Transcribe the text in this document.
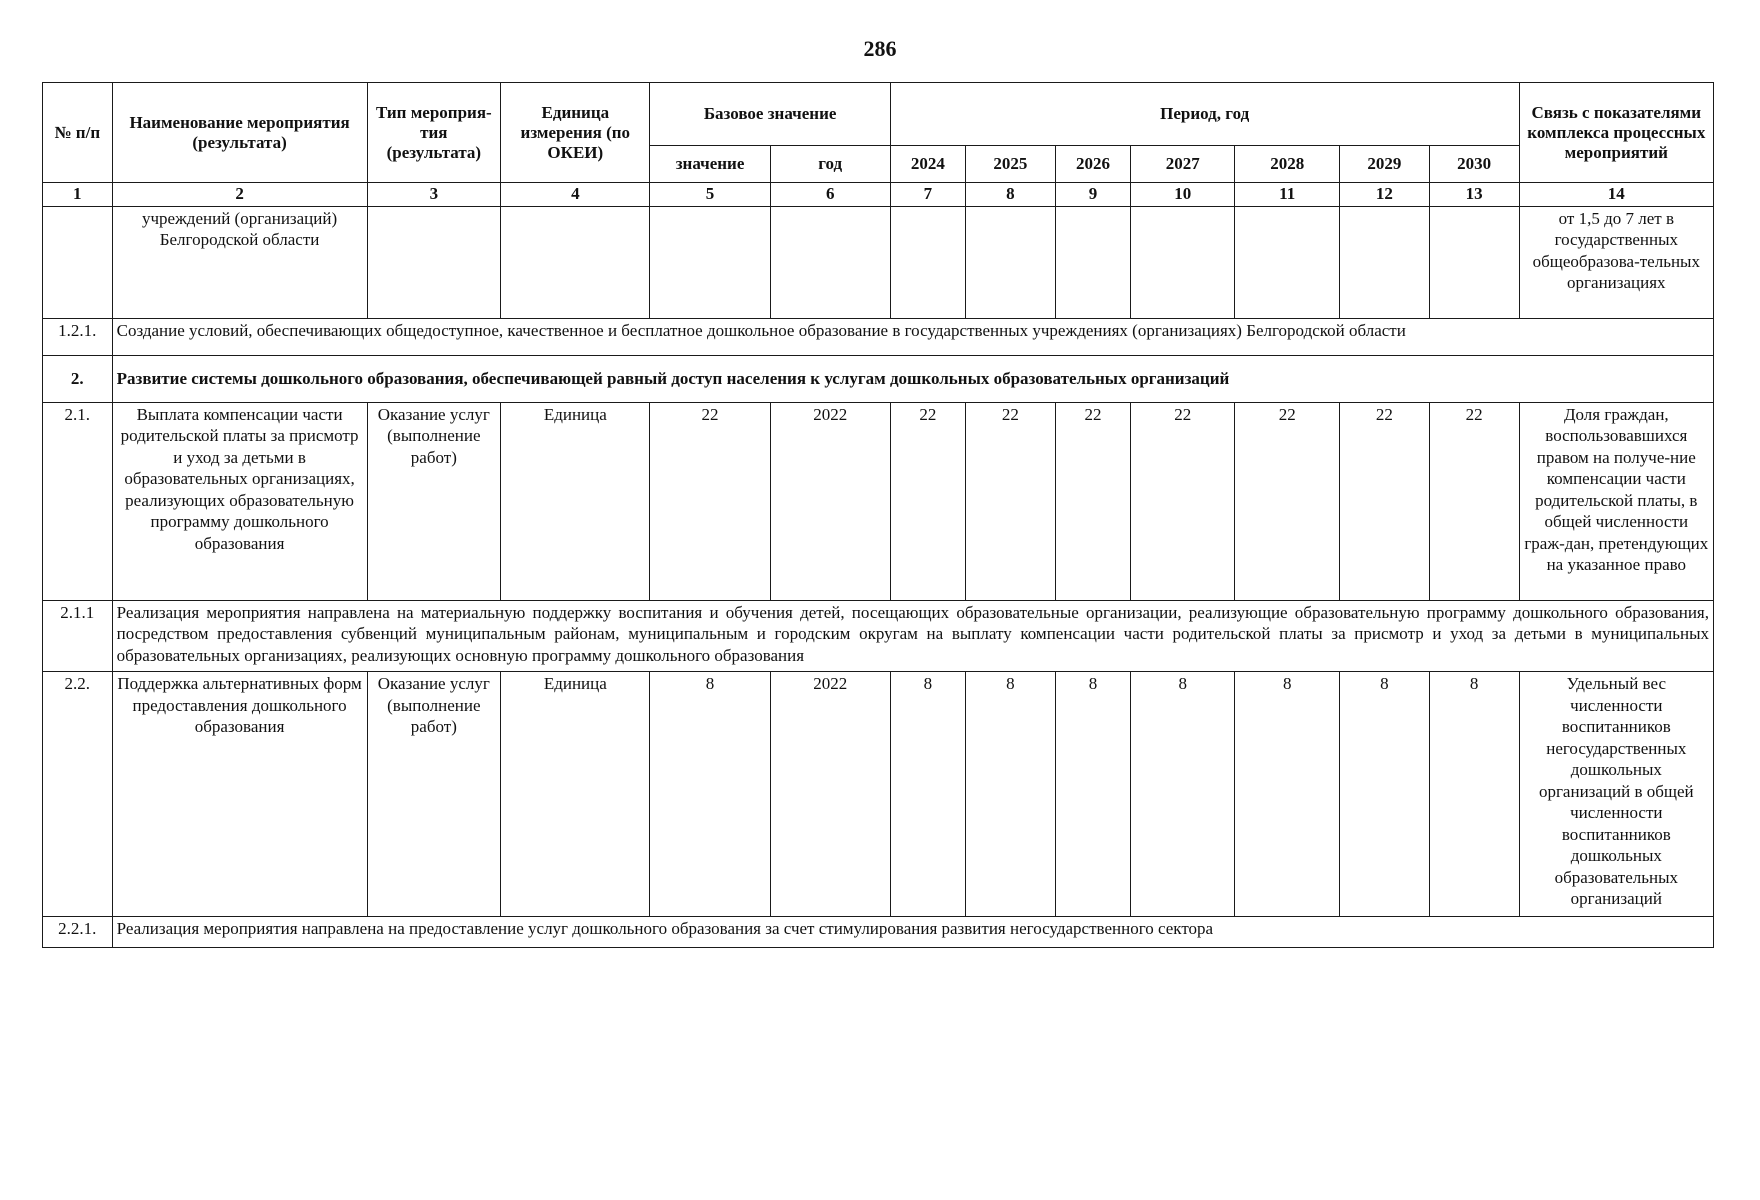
286
№ п/п	Наименование мероприятия (результата)	Тип мероприя-тия (результата)	Единица измерения (по ОКЕИ)	Базовое значение		Период, год							Связь с показателями комплекса процессных мероприятий
				значение	год	2024	2025	2026	2027	2028	2029	2030	
1	2	3	4	5	6	7	8	9	10	11	12	13	14
	учреждений (организаций) Белгородской области												от 1,5 до 7 лет в государственных общеобразова-тельных организациях
1.2.1.	Создание условий, обеспечивающих общедоступное, качественное и бесплатное дошкольное образование в государственных учреждениях (организациях) Белгородской области												
2.	Развитие системы дошкольного образования, обеспечивающей равный доступ населения к услугам дошкольных образовательных организаций												
2.1.	Выплата компенсации части родительской платы за присмотр и уход за детьми в образовательных организациях, реализующих образовательную программу дошкольного образования	Оказание услуг (выполнение работ)	Единица	22	2022	22	22	22	22	22	22	22	Доля граждан, воспользовавшихся правом на получе-ние компенсации части родительской платы, в общей численности граж-дан, претендующих на указанное право
2.1.1	Реализация мероприятия направлена на материальную поддержку воспитания и обучения детей, посещающих образовательные организации, реализующие образовательную программу дошкольного образования, посредством предоставления субвенций муниципальным районам, муниципальным и городским округам на выплату компенсации части родительской платы за присмотр и уход за детьми в муниципальных образовательных организациях, реализующих основную программу дошкольного образования												
2.2.	Поддержка альтернативных форм предоставления дошкольного образования	Оказание услуг (выполнение работ)	Единица	8	2022	8	8	8	8	8	8	8	Удельный вес численности воспитанников негосударственных дошкольных организаций в общей численности воспитанников дошкольных образовательных организаций
2.2.1.	Реализация мероприятия направлена на предоставление услуг дошкольного образования за счет стимулирования развития негосударственного сектора												
